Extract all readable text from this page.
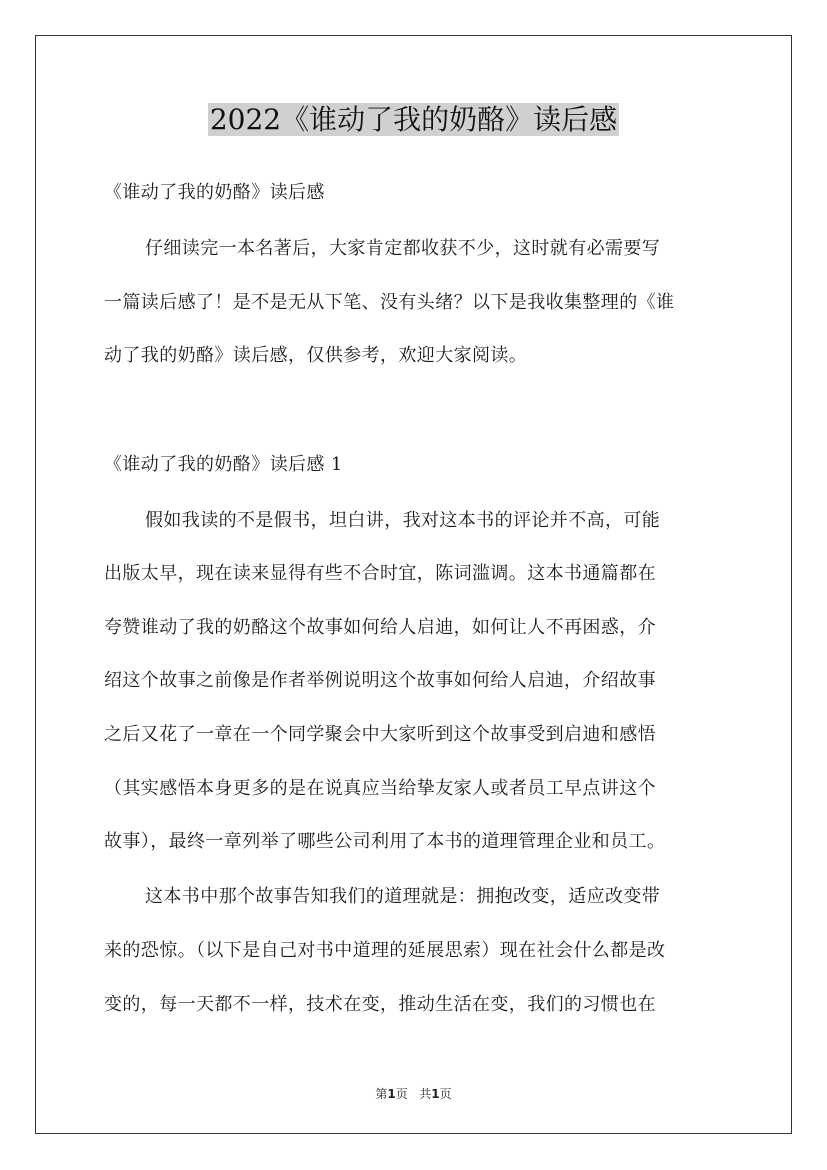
2022《谁动了我的奶酪》读后感
《谁动了我的奶酪》读后感
仔细读完一本名著后，大家肯定都收获不少，这时就有必需要写
一篇读后感了！是不是无从下笔、没有头绪？以下是我收集整理的《谁
动了我的奶酪》读后感，仅供参考，欢迎大家阅读。
《谁动了我的奶酪》读后感 1
假如我读的不是假书，坦白讲，我对这本书的评论并不高，可能
出版太早，现在读来显得有些不合时宜，陈词滥调。这本书通篇都在
夸赞谁动了我的奶酪这个故事如何给人启迪，如何让人不再困惑，介
绍这个故事之前像是作者举例说明这个故事如何给人启迪，介绍故事
之后又花了一章在一个同学聚会中大家听到这个故事受到启迪和感悟
（其实感悟本身更多的是在说真应当给挚友家人或者员工早点讲这个
故事），最终一章列举了哪些公司利用了本书的道理管理企业和员工。
这本书中那个故事告知我们的道理就是：拥抱改变，适应改变带
来的恐惊。（以下是自己对书中道理的延展思索）现在社会什么都是改
变的，每一天都不一样，技术在变，推动生活在变，我们的习惯也在
第1页 共1页
